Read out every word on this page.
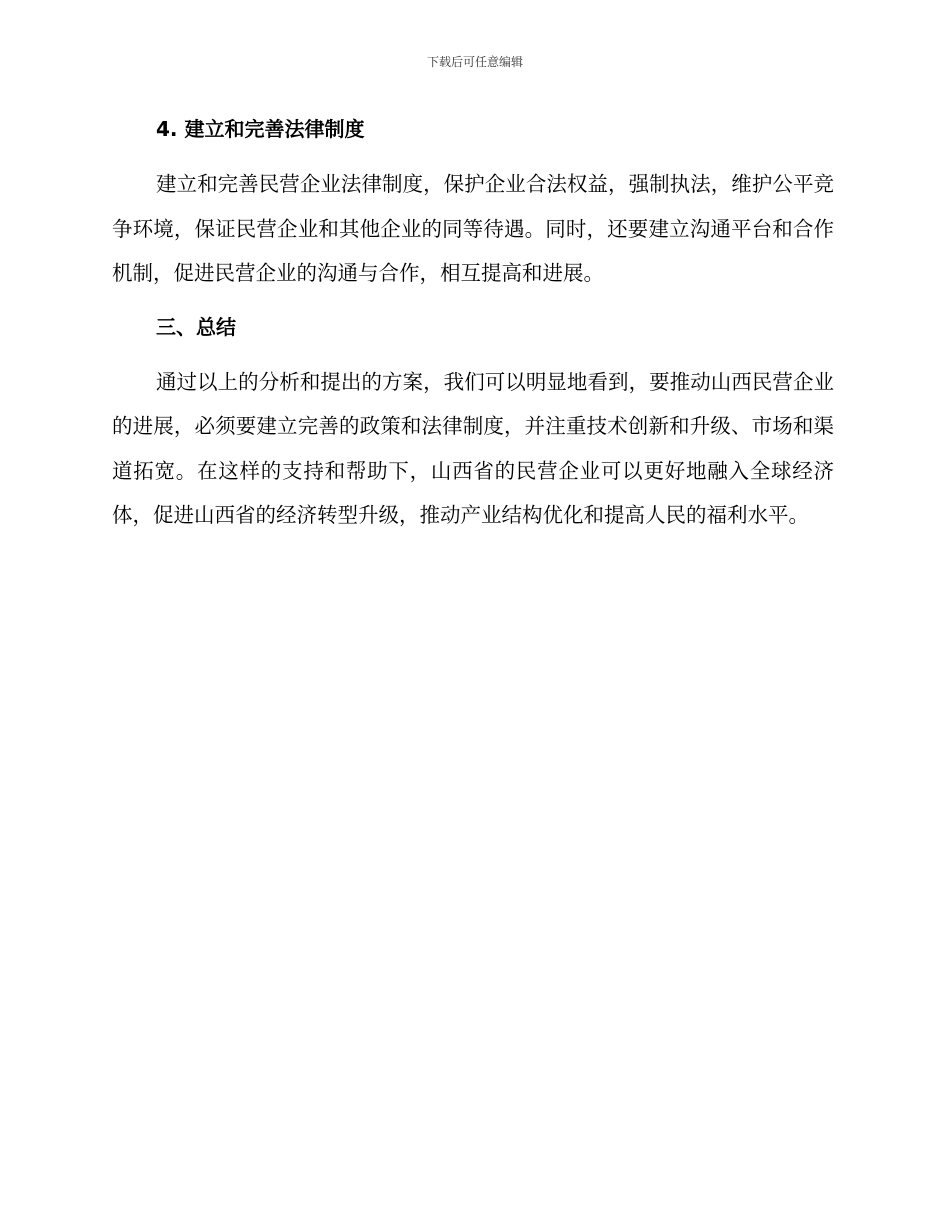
下载后可任意编辑
4. 建立和完善法律制度

建立和完善民营企业法律制度，保护企业合法权益，强制执法，维护公平竞争环境，保证民营企业和其他企业的同等待遇。同时，还要建立沟通平台和合作机制，促进民营企业的沟通与合作，相互提高和进展。

三、总结

通过以上的分析和提出的方案，我们可以明显地看到，要推动山西民营企业的进展，必须要建立完善的政策和法律制度，并注重技术创新和升级、市场和渠道拓宽。在这样的支持和帮助下，山西省的民营企业可以更好地融入全球经济体，促进山西省的经济转型升级，推动产业结构优化和提高人民的福利水平。
